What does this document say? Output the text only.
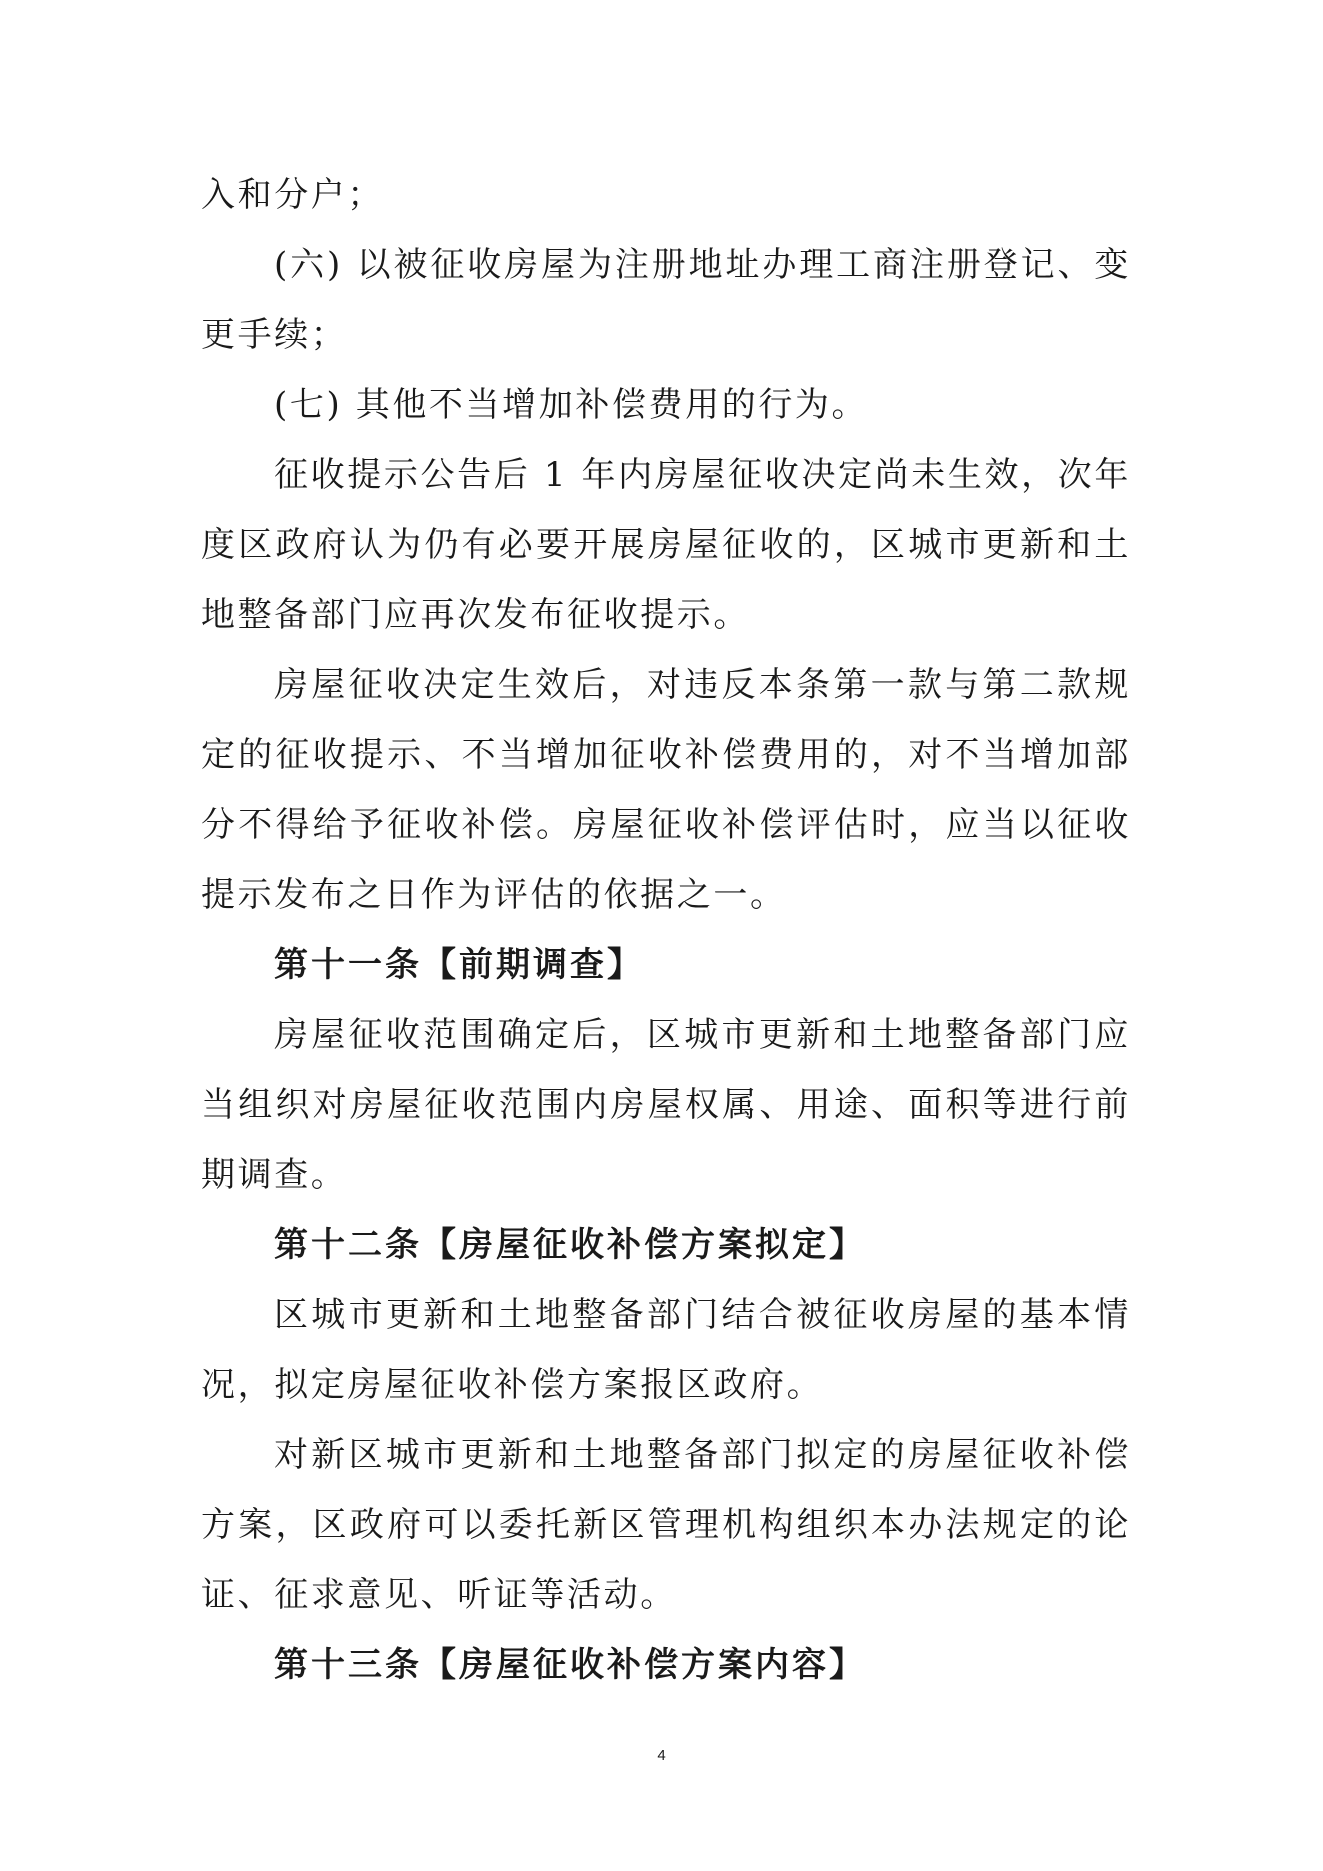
入和分户；

(六) 以被征收房屋为注册地址办理工商注册登记、变更手续；

(七) 其他不当增加补偿费用的行为。

征收提示公告后 1 年内房屋征收决定尚未生效，次年度区政府认为仍有必要开展房屋征收的，区城市更新和土地整备部门应再次发布征收提示。

房屋征收决定生效后，对违反本条第一款与第二款规定的征收提示、不当增加征收补偿费用的，对不当增加部分不得给予征收补偿。房屋征收补偿评估时，应当以征收提示发布之日作为评估的依据之一。

第十一条【前期调查】

房屋征收范围确定后，区城市更新和土地整备部门应当组织对房屋征收范围内房屋权属、用途、面积等进行前期调查。

第十二条【房屋征收补偿方案拟定】

区城市更新和土地整备部门结合被征收房屋的基本情况，拟定房屋征收补偿方案报区政府。

对新区城市更新和土地整备部门拟定的房屋征收补偿方案，区政府可以委托新区管理机构组织本办法规定的论证、征求意见、听证等活动。

第十三条【房屋征收补偿方案内容】

4
